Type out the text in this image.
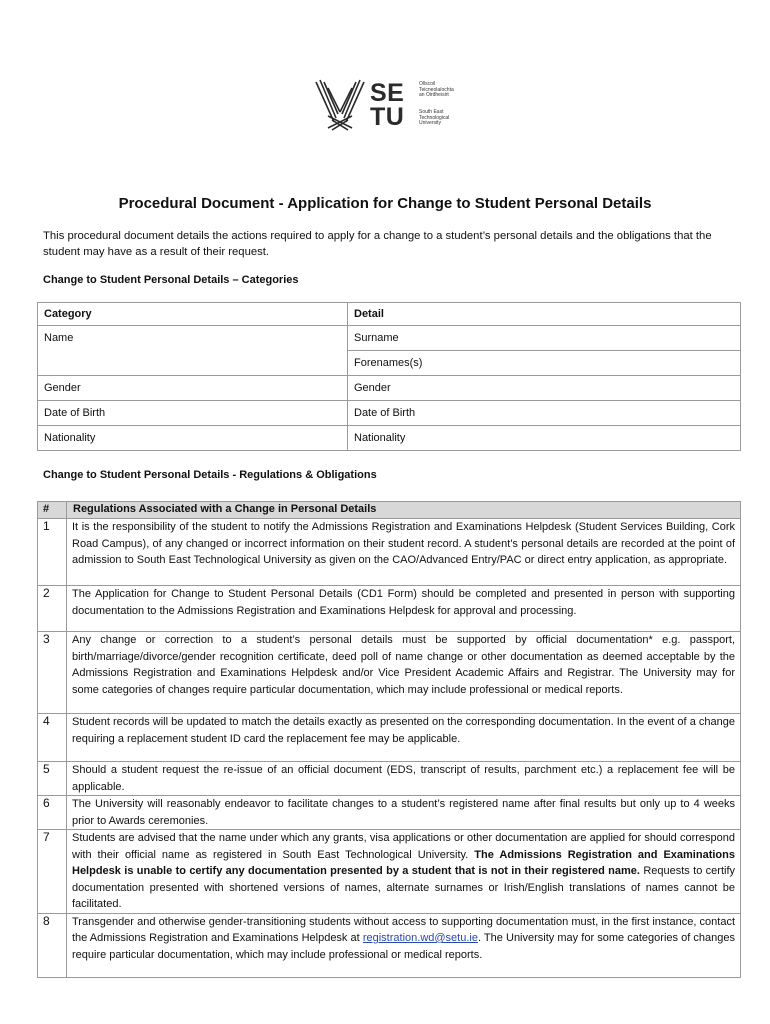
SE
TU
Ollscoil
Teicneolaíochta
an Oirdheisirt
South East
Technological
University
Procedural Document - Application for Change to Student Personal Details

This procedural document details the actions required to apply for a change to a student’s personal details and the obligations that the student may have as a result of their request.

Change to Student Personal Details – Categories

Category	Detail
Name	Surname
	Forenames(s)
Gender	Gender
Date of Birth	Date of Birth
Nationality	Nationality

Change to Student Personal Details - Regulations & Obligations

#	Regulations Associated with a Change in Personal Details
1	It is the responsibility of the student to notify the Admissions Registration and Examinations Helpdesk (Student Services Building, Cork Road Campus), of any changed or incorrect information on their student record. A student's personal details are recorded at the point of admission to South East Technological University as given on the CAO/Advanced Entry/PAC or direct entry application, as appropriate.

2	The Application for Change to Student Personal Details (CD1 Form) should be completed and presented in person with supporting documentation to the Admissions Registration and Examinations Helpdesk for approval and processing.

3	Any change or correction to a student’s personal details must be supported by official documentation* e.g. passport, birth/marriage/divorce/gender recognition certificate, deed poll of name change or other documentation as deemed acceptable by the Admissions Registration and Examinations Helpdesk and/or Vice President Academic Affairs and Registrar. The University may for some categories of changes require particular documentation, which may include professional or medical reports.

4	Student records will be updated to match the details exactly as presented on the corresponding documentation. In the event of a change requiring a replacement student ID card the replacement fee may be applicable.

5	Should a student request the re-issue of an official document (EDS, transcript of results, parchment etc.) a replacement fee will be applicable.

6	The University will reasonably endeavor to facilitate changes to a student’s registered name after final results but only up to 4 weeks prior to Awards ceremonies.

7	Students are advised that the name under which any grants, visa applications or other documentation are applied for should correspond with their official name as registered in South East Technological University. The Admissions Registration and Examinations Helpdesk is unable to certify any documentation presented by a student that is not in their registered name. Requests to certify documentation presented with shortened versions of names, alternate surnames or Irish/English translations of names cannot be facilitated.

8	Transgender and otherwise gender-transitioning students without access to supporting documentation must, in the first instance, contact the Admissions Registration and Examinations Helpdesk at registration.wd@setu.ie. The University may for some categories of changes require particular documentation, which may include professional or medical reports.
